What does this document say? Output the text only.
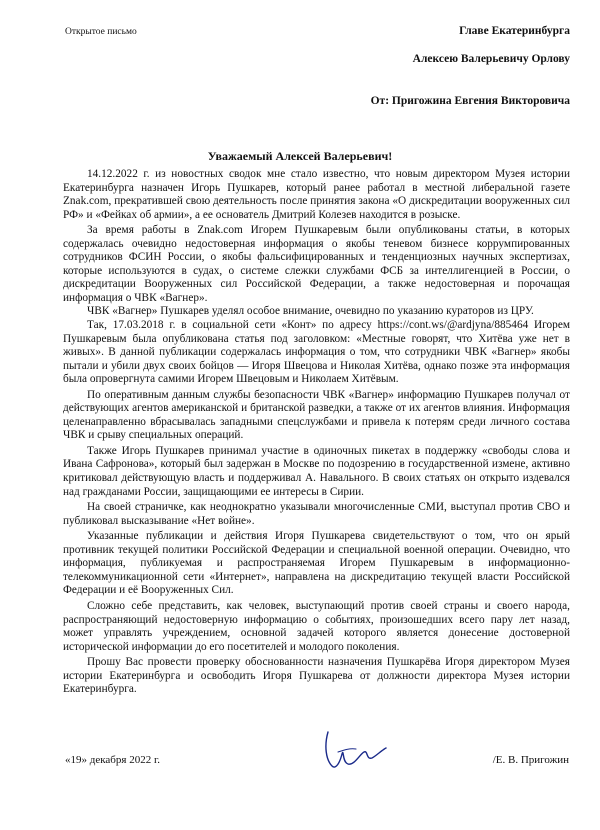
Открытое письмо	Главе Екатеринбурга
Алексею Валерьевичу Орлову
От: Пригожина Евгения Викторовича
Уважаемый Алексей Валерьевич!

14.12.2022 г. из новостных сводок мне стало известно, что новым директором Музея истории Екатеринбурга назначен Игорь Пушкарев, который ранее работал в местной либеральной газете Znak.com, прекратившей свою деятельность после принятия закона «О дискредитации вооруженных сил РФ» и «Фейках об армии», а ее основатель Дмитрий Колезев находится в розыске.

За время работы в Znak.com Игорем Пушкаревым были опубликованы статьи, в которых содержалась очевидно недостоверная информация о якобы теневом бизнесе коррумпированных сотрудников ФСИН России, о якобы фальсифицированных и тенденциозных научных экспертизах, которые используются в судах, о системе слежки службами ФСБ за интеллигенцией в России, о дискредитации Вооруженных сил Российской Федерации, а также недостоверная и порочащая информация о ЧВК «Вагнер».

ЧВК «Вагнер» Пушкарев уделял особое внимание, очевидно по указанию кураторов из ЦРУ.

Так, 17.03.2018 г. в социальной сети «Конт» по адресу https://cont.ws/@ardjyna/885464 Игорем Пушкаревым была опубликована статья под заголовком: «Местные говорят, что Хитёва уже нет в живых». В данной публикации содержалась информация о том, что сотрудники ЧВК «Вагнер» якобы пытали и убили двух своих бойцов — Игоря Швецова и Николая Хитёва, однако позже эта информация была опровергнута самими Игорем Швецовым и Николаем Хитёвым.

По оперативным данным службы безопасности ЧВК «Вагнер» информацию Пушкарев получал от действующих агентов американской и британской разведки, а также от их агентов влияния. Информация целенаправленно вбрасывалась западными спецслужбами и привела к потерям среди личного состава ЧВК и срыву специальных операций.

Также Игорь Пушкарев принимал участие в одиночных пикетах в поддержку «свободы слова и Ивана Сафронова», который был задержан в Москве по подозрению в государственной измене, активно критиковал действующую власть и поддерживал А. Навального. В своих статьях он открыто издевался над гражданами России, защищающими ее интересы в Сирии.

На своей страничке, как неоднократно указывали многочисленные СМИ, выступал против СВО и публиковал высказывание «Нет войне».

Указанные публикации и действия Игоря Пушкарева свидетельствуют о том, что он ярый противник текущей политики Российской Федерации и специальной военной операции. Очевидно, что информация, публикуемая и распространяемая Игорем Пушкаревым в информационно-телекоммуникационной сети «Интернет», направлена на дискредитацию текущей власти Российской Федерации и её Вооруженных Сил.

Сложно себе представить, как человек, выступающий против своей страны и своего народа, распространяющий недостоверную информацию о событиях, произошедших всего пару лет назад, может управлять учреждением, основной задачей которого является донесение достоверной исторической информации до его посетителей и молодого поколения.

Прошу Вас провести проверку обоснованности назначения Пушкарёва Игоря директором Музея истории Екатеринбурга и освободить Игоря Пушкарева от должности директора Музея истории Екатеринбурга.

«19» декабря 2022 г.	/Е. В. Пригожин
